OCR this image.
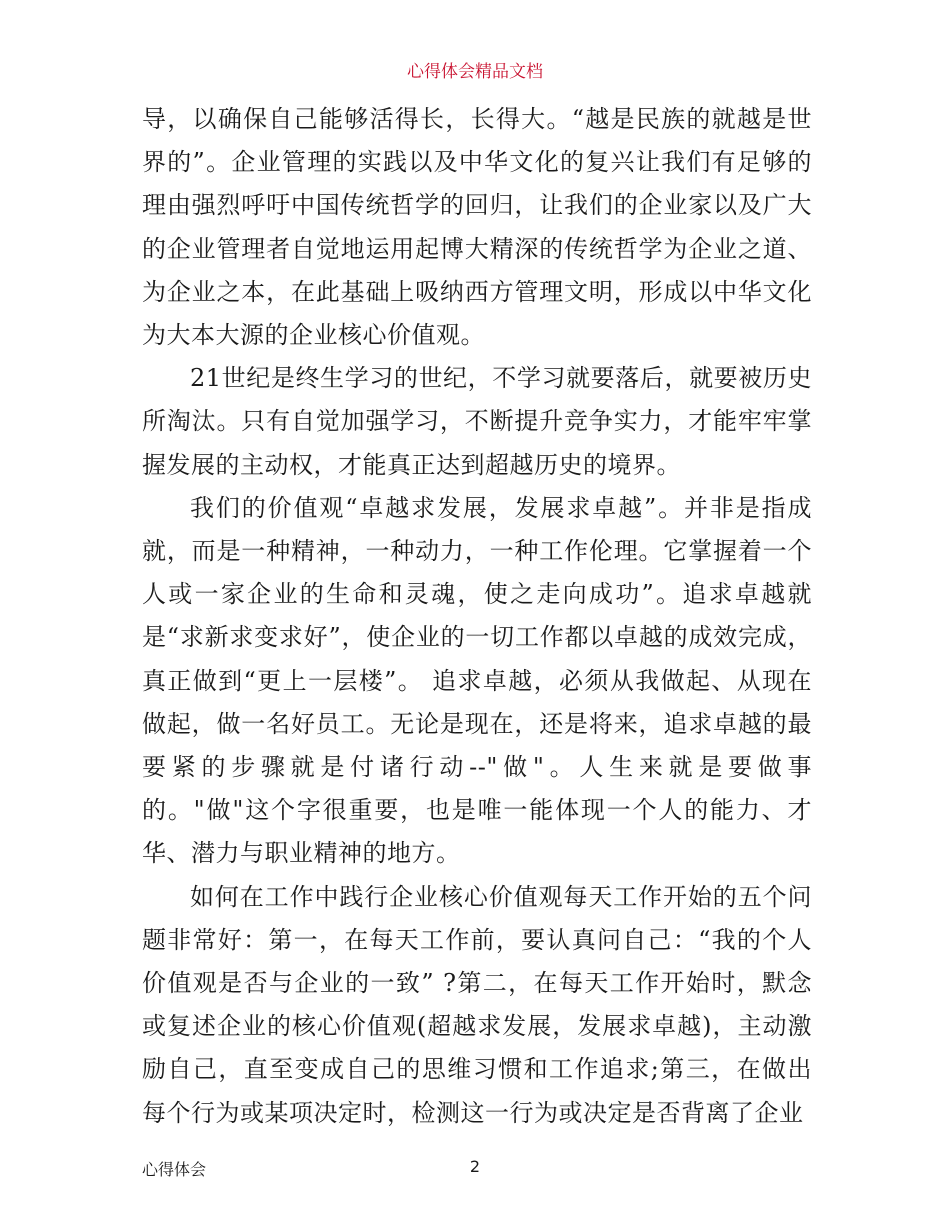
心得体会精品文档

导，以确保自己能够活得长，长得大。“越是民族的就越是世界的”。企业管理的实践以及中华文化的复兴让我们有足够的理由强烈呼吁中国传统哲学的回归，让我们的企业家以及广大的企业管理者自觉地运用起博大精深的传统哲学为企业之道、为企业之本，在此基础上吸纳西方管理文明，形成以中华文化为大本大源的企业核心价值观。

21世纪是终生学习的世纪，不学习就要落后，就要被历史所淘汰。只有自觉加强学习，不断提升竞争实力，才能牢牢掌握发展的主动权，才能真正达到超越历史的境界。

我们的价值观“卓越求发展，发展求卓越”。并非是指成就，而是一种精神，一种动力，一种工作伦理。它掌握着一个人或一家企业的生命和灵魂，使之走向成功”。追求卓越就是“求新求变求好”，使企业的一切工作都以卓越的成效完成，真正做到“更上一层楼”。 追求卓越，必须从我做起、从现在做起，做一名好员工。无论是现在，还是将来，追求卓越的最要紧的步骤就是付诸行动--"做"。人生来就是要做事的。"做"这个字很重要，也是唯一能体现一个人的能力、才华、潜力与职业精神的地方。

如何在工作中践行企业核心价值观每天工作开始的五个问题非常好：第一，在每天工作前，要认真问自己：“我的个人价值观是否与企业的一致” ?第二，在每天工作开始时，默念或复述企业的核心价值观(超越求发展，发展求卓越)，主动激励自己，直至变成自己的思维习惯和工作追求;第三，在做出每个行为或某项决定时，检测这一行为或决定是否背离了企业

心得体会	2
